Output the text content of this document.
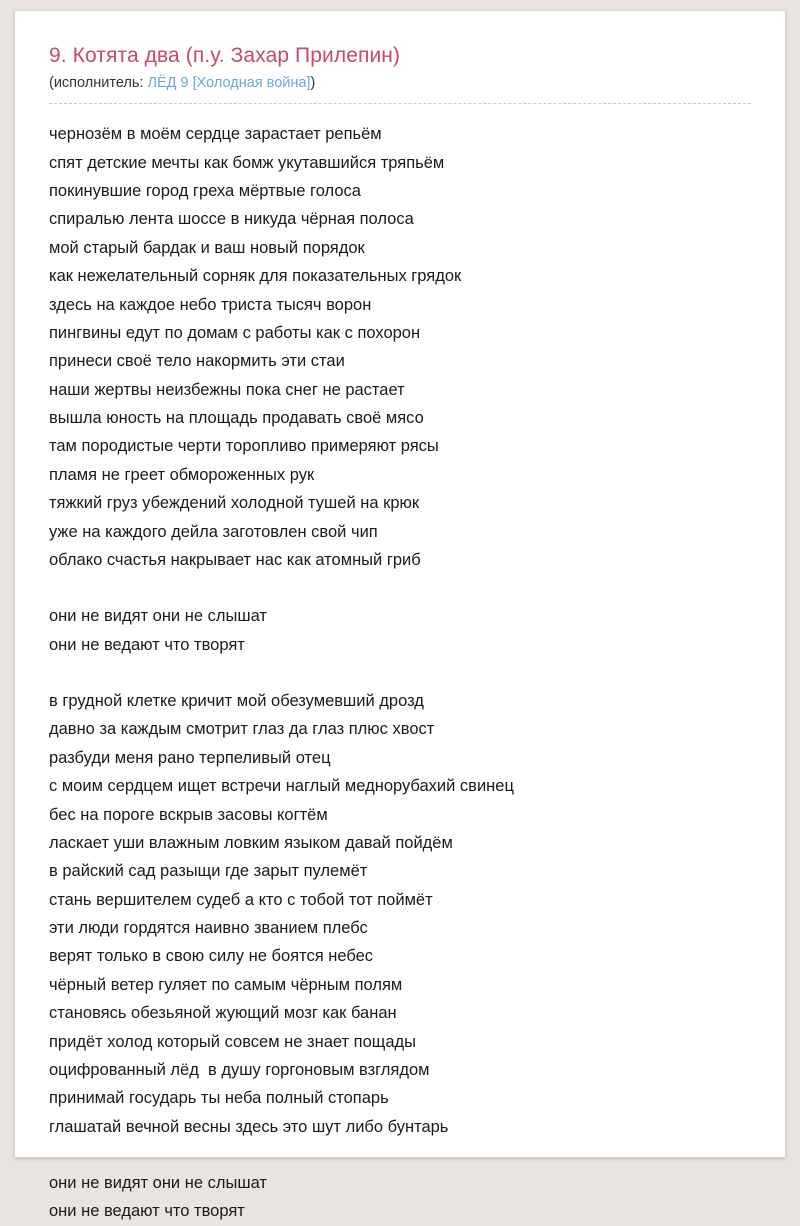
9. Котята два (п.у. Захар Прилепин)

(исполнитель: ЛЁД 9 [Холодная война])

чернозём в моём сердце зарастает репьём
спят детские мечты как бомж укутавшийся тряпьём
покинувшие город греха мёртвые голоса
спиралью лента шоссе в никуда чёрная полоса
мой старый бардак и ваш новый порядок
как нежелательный сорняк для показательных грядок
здесь на каждое небо триста тысяч ворон
пингвины едут по домам с работы как с похорон
принеси своё тело накормить эти стаи
наши жертвы неизбежны пока снег не растает
вышла юность на площадь продавать своё мясо
там породистые черти торопливо примеряют рясы
пламя не греет обмороженных рук
тяжкий груз убеждений холодной тушей на крюк
уже на каждого дейла заготовлен свой чип
облако счастья накрывает нас как атомный гриб

они не видят они не слышат
они не ведают что творят

в грудной клетке кричит мой обезумевший дрозд
давно за каждым смотрит глаз да глаз плюс хвост
разбуди меня рано терпеливый отец
с моим сердцем ищет встречи наглый меднорубахий свинец
бес на пороге вскрыв засовы когтём
ласкает уши влажным ловким языком давай пойдём
в райский сад разыщи где зарыт пулемёт
стань вершителем судеб а кто с тобой тот поймёт
эти люди гордятся наивно званием плебс
верят только в свою силу не боятся небес
чёрный ветер гуляет по самым чёрным полям
становясь обезьяной жующий мозг как банан
придёт холод который совсем не знает пощады
оцифрованный лёд  в душу горгоновым взглядом
принимай государь ты неба полный стопарь
глашатай вечной весны здесь это шут либо бунтарь

они не видят они не слышат
они не ведают что творят
